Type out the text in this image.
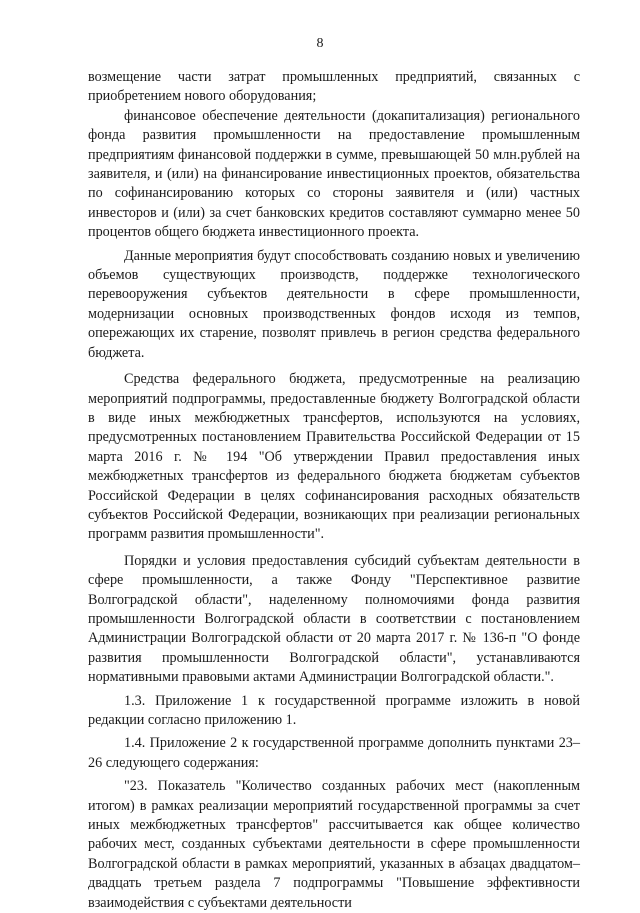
8

возмещение части затрат промышленных предприятий, связанных с приобретением нового оборудования;

финансовое обеспечение деятельности (докапитализация) регионального фонда развития промышленности на предоставление промышленным предприятиям финансовой поддержки в сумме, превышающей 50 млн.рублей на заявителя, и (или) на финансирование инвестиционных проектов, обязательства по софинансированию которых со стороны заявителя и (или) частных инвесторов и (или) за счет банковских кредитов составляют суммарно менее 50 процентов общего бюджета инвестиционного проекта.

Данные мероприятия будут способствовать созданию новых и увеличению объемов существующих производств, поддержке технологического перевооружения субъектов деятельности в сфере промышленности, модернизации основных производственных фондов исходя из темпов, опережающих их старение, позволят привлечь в регион средства федерального бюджета.

Средства федерального бюджета, предусмотренные на реализацию мероприятий подпрограммы, предоставленные бюджету Волгоградской области в виде иных межбюджетных трансфертов, используются на условиях, предусмотренных постановлением Правительства Российской Федерации от 15 марта 2016 г. № 194 "Об утверждении Правил предоставления иных межбюджетных трансфертов из федерального бюджета бюджетам субъектов Российской Федерации в целях софинансирования расходных обязательств субъектов Российской Федерации, возникающих при реализации региональных программ развития промышленности".

Порядки и условия предоставления субсидий субъектам деятельности в сфере промышленности, а также Фонду "Перспективное развитие Волгоградской области", наделенному полномочиями фонда развития промышленности Волгоградской области в соответствии с постановлением Администрации Волгоградской области от 20 марта 2017 г. № 136-п "О фонде развития промышленности Волгоградской области", устанавливаются нормативными правовыми актами Администрации Волгоградской области.".

1.3. Приложение 1 к государственной программе изложить в новой редакции согласно приложению 1.

1.4. Приложение 2 к государственной программе дополнить пунктами 23–26 следующего содержания:

"23. Показатель "Количество созданных рабочих мест (накопленным итогом) в рамках реализации мероприятий государственной программы за счет иных межбюджетных трансфертов" рассчитывается как общее количество рабочих мест, созданных субъектами деятельности в сфере промышленности Волгоградской области в рамках мероприятий, указанных в абзацах двадцатом–двадцать третьем раздела 7 подпрограммы "Повышение эффективности взаимодействия с субъектами деятельности
